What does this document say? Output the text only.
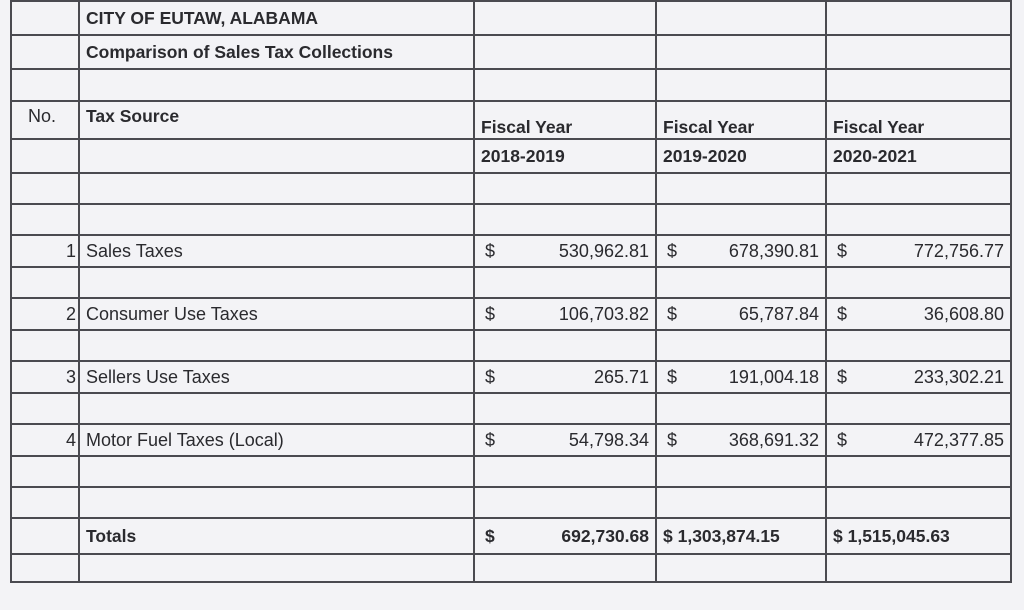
	CITY OF EUTAW, ALABAMA			
	Comparison of Sales Tax Collections			

No.	Tax Source	Fiscal Year	Fiscal Year	Fiscal Year
		2018-2019	2019-2020	2020-2021

1	Sales Taxes	$ 530,962.81	$ 678,390.81	$ 772,756.77

2	Consumer Use Taxes	$ 106,703.82	$ 65,787.84	$ 36,608.80

3	Sellers Use Taxes	$ 265.71	$ 191,004.18	$ 233,302.21

4	Motor Fuel Taxes (Local)	$ 54,798.34	$ 368,691.32	$ 472,377.85

	Totals	$ 692,730.68	$ 1,303,874.15	$ 1,515,045.63
